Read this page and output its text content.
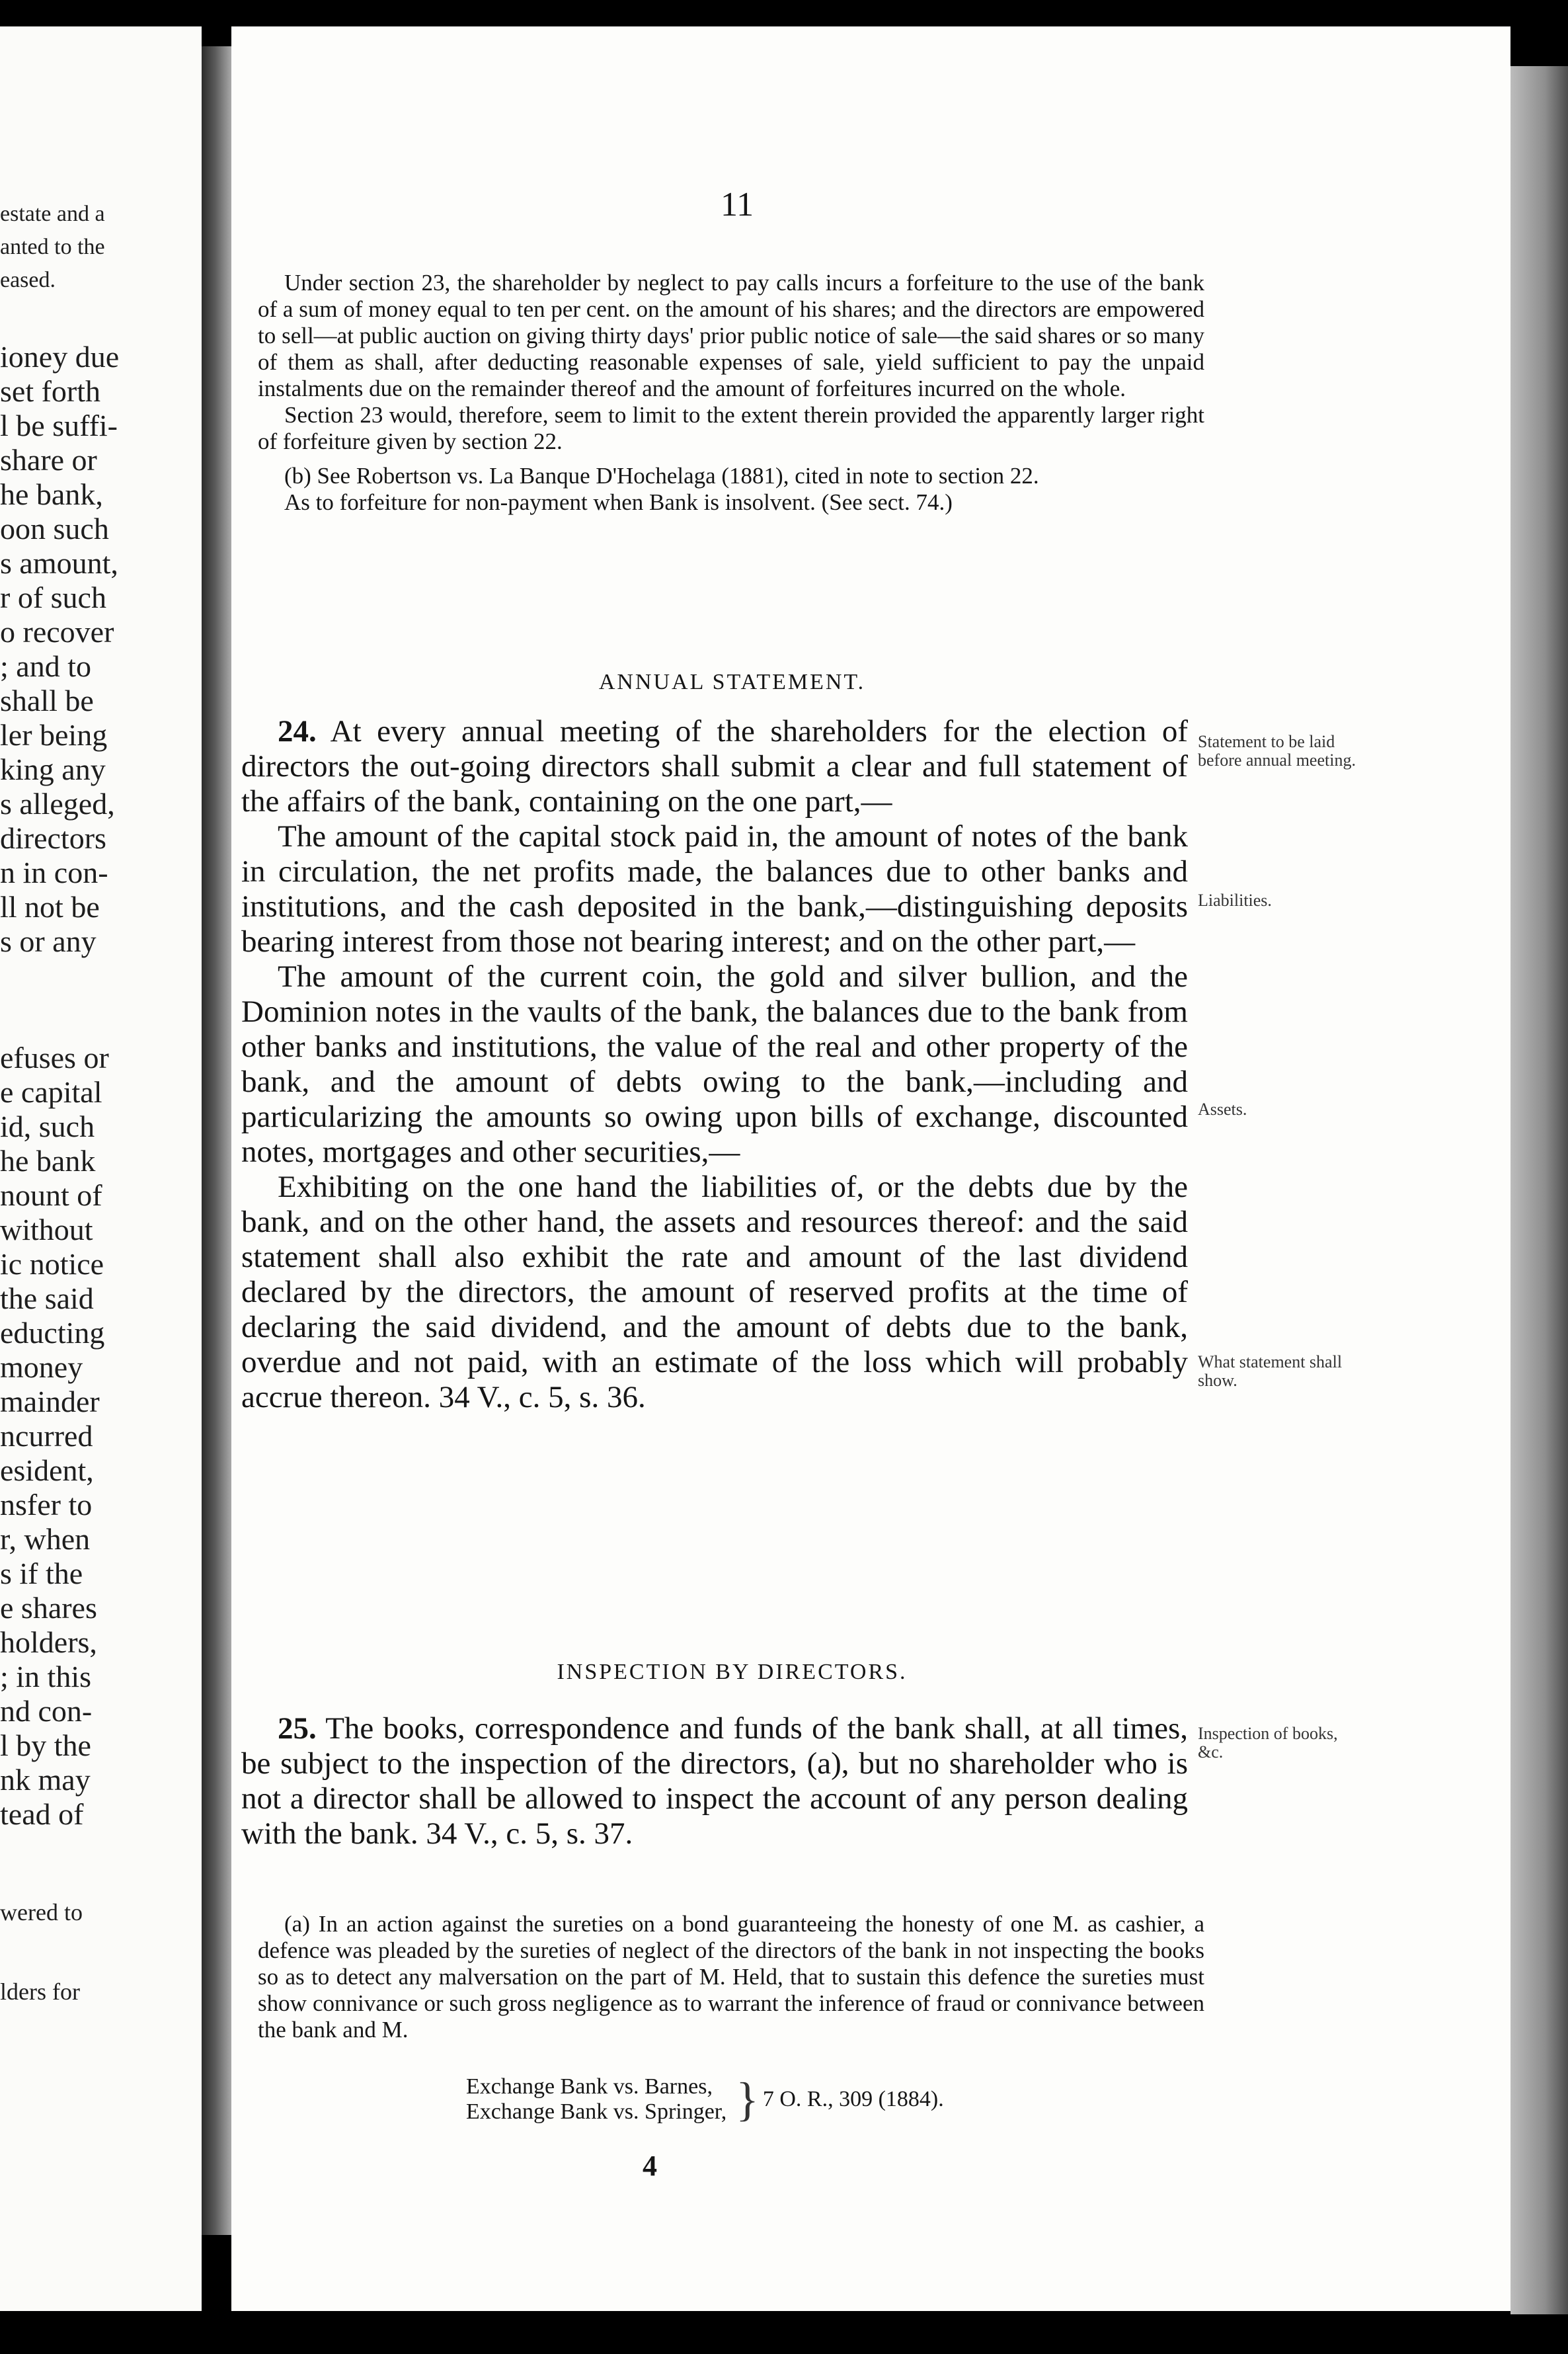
estate and a
anted to the
eased.
ioney due
set forth
l be suffi-
share or
he bank,
oon such
s amount,
r of such
o recover
; and to
shall be
ler being
king any
s alleged,
directors
n in con-
ll not be
s or any
efuses or
e capital
id, such
he bank
nount of
without
ic notice
the said
educting
money
mainder
ncurred
esident,
nsfer to
r, when
s if the
e shares
holders,
; in this
nd con-
l by the
nk may
tead of
wered to
lders for
11

Under section 23, the shareholder by neglect to pay calls incurs a forfeiture to the use of the bank of a sum of money equal to ten per cent. on the amount of his shares; and the directors are empowered to sell—at public auction on giving thirty days' prior public notice of sale—the said shares or so many of them as shall, after deducting reasonable expenses of sale, yield sufficient to pay the unpaid instalments due on the remainder thereof and the amount of forfeitures incurred on the whole.

Section 23 would, therefore, seem to limit to the extent therein provided the apparently larger right of forfeiture given by section 22.

(b) See Robertson vs. La Banque D'Hochelaga (1881), cited in note to section 22.

As to forfeiture for non-payment when Bank is insolvent. (See sect. 74.)

ANNUAL STATEMENT.

24. At every annual meeting of the shareholders for the election of directors the out-going directors shall submit a clear and full statement of the affairs of the bank, containing on the one part,—

The amount of the capital stock paid in, the amount of notes of the bank in circulation, the net profits made, the balances due to other banks and institutions, and the cash deposited in the bank,—distinguishing deposits bearing interest from those not bearing interest; and on the other part,—

The amount of the current coin, the gold and silver bullion, and the Dominion notes in the vaults of the bank, the balances due to the bank from other banks and institutions, the value of the real and other property of the bank, and the amount of debts owing to the bank,—including and particularizing the amounts so owing upon bills of exchange, discounted notes, mortgages and other securities,—

Exhibiting on the one hand the liabilities of, or the debts due by the bank, and on the other hand, the assets and resources thereof: and the said statement shall also exhibit the rate and amount of the last dividend declared by the directors, the amount of reserved profits at the time of declaring the said dividend, and the amount of debts due to the bank, overdue and not paid, with an estimate of the loss which will probably accrue thereon. 34 V., c. 5, s. 36.

Statement to be laid before annual meeting.
Liabilities.
Assets.
What statement shall show.
INSPECTION BY DIRECTORS.

25. The books, correspondence and funds of the bank shall, at all times, be subject to the inspection of the directors, (a), but no shareholder who is not a director shall be allowed to inspect the account of any person dealing with the bank. 34 V., c. 5, s. 37.

Inspection of books, &c.

(a) In an action against the sureties on a bond guaranteeing the honesty of one M. as cashier, a defence was pleaded by the sureties of neglect of the directors of the bank in not inspecting the books so as to detect any malversation on the part of M. Held, that to sustain this defence the sureties must show connivance or such gross negligence as to warrant the inference of fraud or connivance between the bank and M.

Exchange Bank vs. Barnes,
Exchange Bank vs. Springer, } 7 O. R., 309 (1884).
4
